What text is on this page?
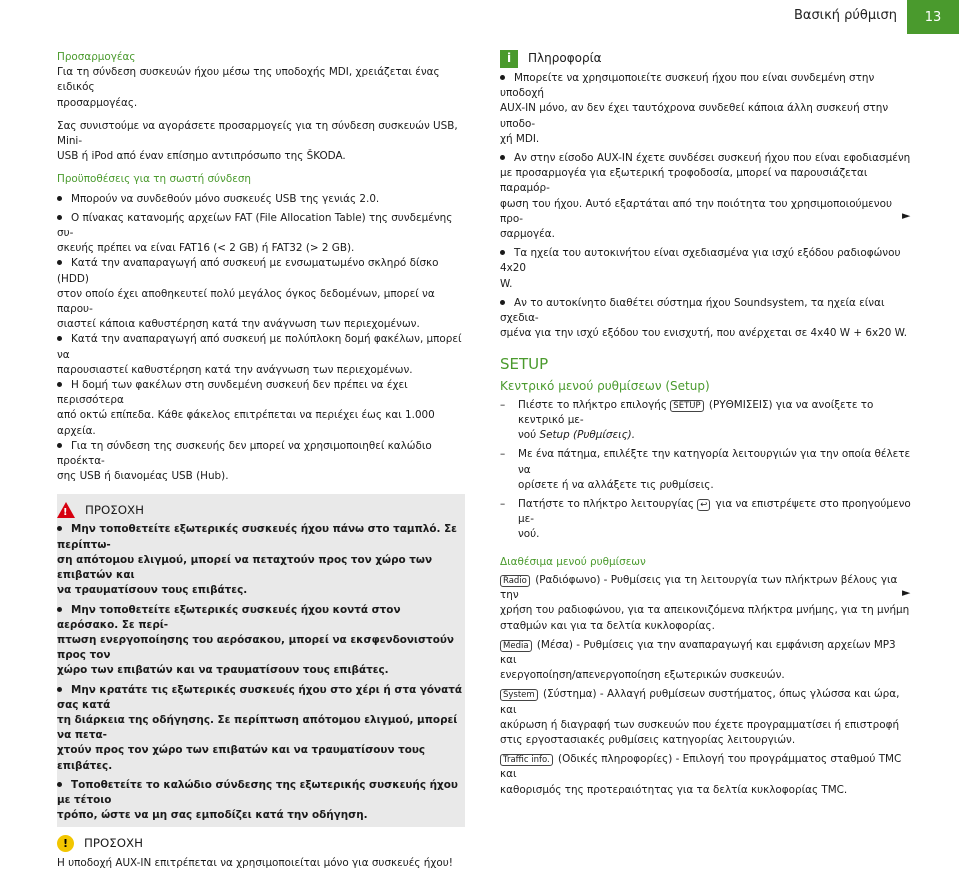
Βασική ρύθμιση	13

Προσαρμογέας

Για τη σύνδεση συσκευών ήχου μέσω της υποδοχής MDI, χρειάζεται ένας ειδικός

προσαρμογέας.

Σας συνιστούμε να αγοράσετε προσαρμογείς για τη σύνδεση συσκευών USB, Mini-

USB ή iPod από έναν επίσημο αντιπρόσωπο της ŠKODA.

Προϋποθέσεις για τη σωστή σύνδεση

Μπορούν να συνδεθούν μόνο συσκευές USB της γενιάς 2.0.

Ο πίνακας κατανομής αρχείων FAT (File Allocation Table) της συνδεμένης συ-

σκευής πρέπει να είναι FAT16 (< 2 GB) ή FAT32 (> 2 GB).

Κατά την αναπαραγωγή από συσκευή με ενσωματωμένο σκληρό δίσκο (HDD)

στον οποίο έχει αποθηκευτεί πολύ μεγάλος όγκος δεδομένων, μπορεί να παρου-

σιαστεί κάποια καθυστέρηση κατά την ανάγνωση των περιεχομένων.

Κατά την αναπαραγωγή από συσκευή με πολύπλοκη δομή φακέλων, μπορεί να

παρουσιαστεί καθυστέρηση κατά την ανάγνωση των περιεχομένων.

Η δομή των φακέλων στη συνδεμένη συσκευή δεν πρέπει να έχει περισσότερα

από οκτώ επίπεδα. Κάθε φάκελος επιτρέπεται να περιέχει έως και 1.000 αρχεία.

Για τη σύνδεση της συσκευής δεν μπορεί να χρησιμοποιηθεί καλώδιο προέκτα-

σης USB ή διανομέας USB (Hub).

! ΠΡΟΣΟΧΗ

Μην τοποθετείτε εξωτερικές συσκευές ήχου πάνω στο ταμπλό. Σε περίπτω-

ση απότομου ελιγμού, μπορεί να πεταχτούν προς τον χώρο των επιβατών και

να τραυματίσουν τους επιβάτες.

Μην τοποθετείτε εξωτερικές συσκευές ήχου κοντά στον αερόσακο. Σε περί-

πτωση ενεργοποίησης του αερόσακου, μπορεί να εκσφενδονιστούν προς τον

χώρο των επιβατών και να τραυματίσουν τους επιβάτες.

Μην κρατάτε τις εξωτερικές συσκευές ήχου στο χέρι ή στα γόνατά σας κατά

τη διάρκεια της οδήγησης. Σε περίπτωση απότομου ελιγμού, μπορεί να πετα-

χτούν προς τον χώρο των επιβατών και να τραυματίσουν τους επιβάτες.

Τοποθετείτε το καλώδιο σύνδεσης της εξωτερικής συσκευής ήχου με τέτοιο

τρόπο, ώστε να μη σας εμποδίζει κατά την οδήγηση.

!	ΠΡΟΣΟΧΗ

Η υποδοχή AUX-IN επιτρέπεται να χρησιμοποιείται μόνο για συσκευές ήχου!

i	Πληροφορία

Μπορείτε να χρησιμοποιείτε συσκευή ήχου που είναι συνδεμένη στην υποδοχή

AUX-IN μόνο, αν δεν έχει ταυτόχρονα συνδεθεί κάποια άλλη συσκευή στην υποδο-

χή MDI.

Αν στην είσοδο AUX-IN έχετε συνδέσει συσκευή ήχου που είναι εφοδιασμένη

με προσαρμογέα για εξωτερική τροφοδοσία, μπορεί να παρουσιάζεται παραμόρ-

φωση του ήχου. Αυτό εξαρτάται από την ποιότητα του χρησιμοποιούμενου προ-

σαρμογέα.

Τα ηχεία του αυτοκινήτου είναι σχεδιασμένα για ισχύ εξόδου ραδιοφώνου 4x20

W.

Αν το αυτοκίνητο διαθέτει σύστημα ήχου Soundsystem, τα ηχεία είναι σχεδια-

σμένα για την ισχύ εξόδου του ενισχυτή, που ανέρχεται σε 4x40 W + 6x20 W.

SETUP

Κεντρικό μενού ρυθμίσεων (Setup)

–	Πιέστε το πλήκτρο επιλογής SETUP (ΡΥΘΜΙΣΕΙΣ) για να ανοίξετε το κεντρικό με-

νού Setup (Ρυθμίσεις).

–	Με ένα πάτημα, επιλέξτε την κατηγορία λειτουργιών για την οποία θέλετε να

ορίσετε ή να αλλάξετε τις ρυθμίσεις.

–	Πατήστε το πλήκτρο λειτουργίας ↩ για να επιστρέψετε στο προηγούμενο με-

νού.

Διαθέσιμα μενού ρυθμίσεων

Radio (Ραδιόφωνο) - Ρυθμίσεις για τη λειτουργία των πλήκτρων βέλους για την

χρήση του ραδιοφώνου, για τα απεικονιζόμενα πλήκτρα μνήμης, για τη μνήμη

σταθμών και για τα δελτία κυκλοφορίας.

Media (Μέσα) - Ρυθμίσεις για την αναπαραγωγή και εμφάνιση αρχείων MP3 και

ενεργοποίηση/απενεργοποίηση εξωτερικών συσκευών.

System (Σύστημα) - Αλλαγή ρυθμίσεων συστήματος, όπως γλώσσα και ώρα, και

ακύρωση ή διαγραφή των συσκευών που έχετε προγραμματίσει ή επιστροφή

στις εργοστασιακές ρυθμίσεις κατηγορίας λειτουργιών.

Traffic info. (Οδικές πληροφορίες) - Επιλογή του προγράμματος σταθμού TMC και

καθορισμός της προτεραιότητας για τα δελτία κυκλοφορίας TMC.

►
►
